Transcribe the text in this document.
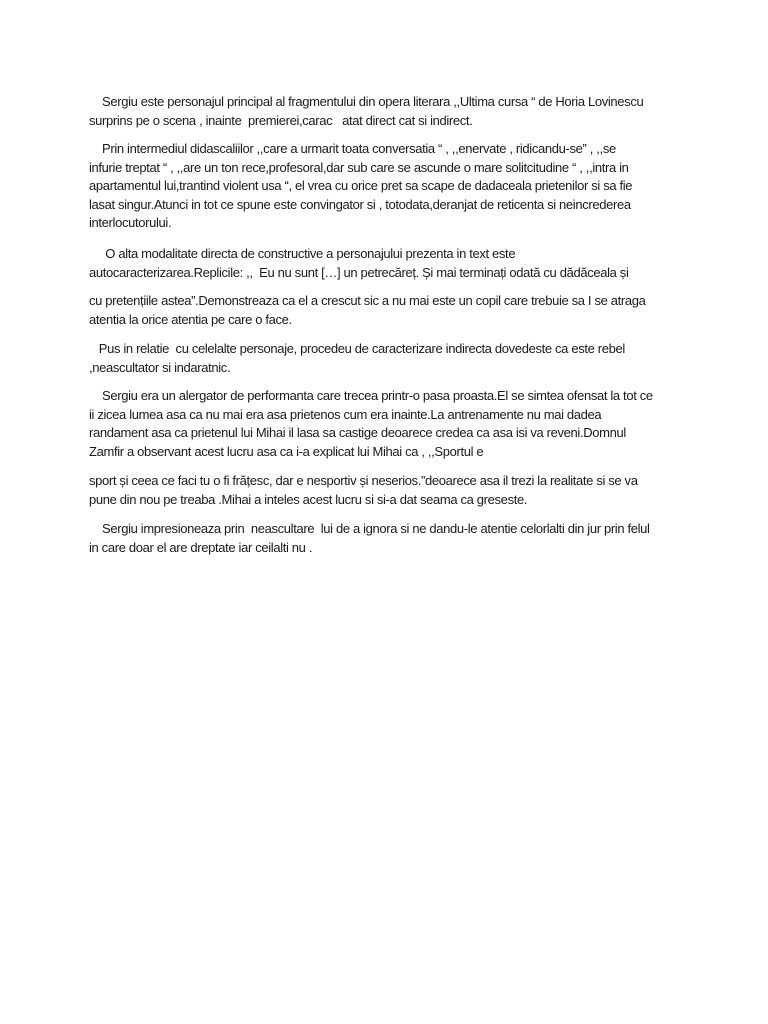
Sergiu este personajul principal al fragmentului din opera literara ,,Ultima cursa “ de Horia Lovinescu
surprins pe o scena , inainte  premierei,carac   atat direct cat si indirect.
Prin intermediul didascaliilor ,,care a urmarit toata conversatia “ , ,,enervate , ridicandu-se” , ,,se
infurie treptat “ , ,,are un ton rece,profesoral,dar sub care se ascunde o mare solitcitudine “ , ,,intra in
apartamentul lui,trantind violent usa “, el vrea cu orice pret sa scape de dadaceala prietenilor si sa fie
lasat singur.Atunci in tot ce spune este convingator si , totodata,deranjat de reticenta si neincrederea
interlocutorului.
O alta modalitate directa de constructive a personajului prezenta in text este
autocaracterizarea.Replicile: ,,  Eu nu sunt […] un petrecăreț. Și mai terminați odată cu dădăceala și
cu pretențiile astea”.Demonstreaza ca el a crescut sic a nu mai este un copil care trebuie sa I se atraga
atentia la orice atentia pe care o face.
Pus in relatie  cu celelalte personaje, procedeu de caracterizare indirecta dovedeste ca este rebel
,neascultator si indaratnic.
Sergiu era un alergator de performanta care trecea printr-o pasa proasta.El se simtea ofensat la tot ce
ii zicea lumea asa ca nu mai era asa prietenos cum era inainte.La antrenamente nu mai dadea
randament asa ca prietenul lui Mihai il lasa sa castige deoarece credea ca asa isi va reveni.Domnul
Zamfir a observant acest lucru asa ca i-a explicat lui Mihai ca , ,,Sportul e
sport și ceea ce faci tu o fi frățesc, dar e nesportiv și neserios.”deoarece asa il trezi la realitate si se va
pune din nou pe treaba .Mihai a inteles acest lucru si si-a dat seama ca greseste.
Sergiu impresioneaza prin  neascultare  lui de a ignora si ne dandu-le atentie celorlalti din jur prin felul
in care doar el are dreptate iar ceilalti nu .
